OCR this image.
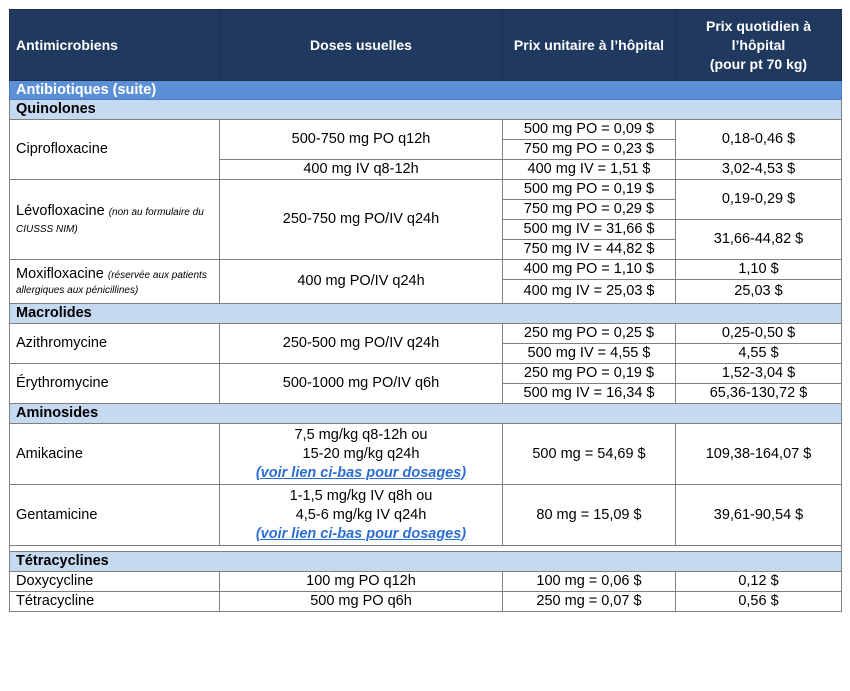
Antimicrobiens	Doses usuelles	Prix unitaire à l’hôpital	Prix quotidien à
l’hôpital
(pour pt 70 kg)

Antibiotiques (suite)			
Quinolones			
Ciprofloxacine	500-750 mg PO q12h	500 mg PO = 0,09 $	0,18-0,46 $
		750 mg PO = 0,23 $	
	400 mg IV q8-12h	400 mg IV = 1,51 $	3,02-4,53 $
Lévofloxacine (non au formulaire du CIUSSS NIM)	250-750 mg PO/IV q24h	500 mg PO = 0,19 $	0,19-0,29 $
		750 mg PO = 0,29 $	
		500 mg IV = 31,66 $	31,66-44,82 $
		750 mg IV = 44,82 $	
Moxifloxacine (réservée aux patients allergiques aux pénicillines)	400 mg PO/IV q24h	400 mg PO = 1,10 $	1,10 $
		400 mg IV = 25,03 $	25,03 $
Macrolides			
Azithromycine	250-500 mg PO/IV q24h	250 mg PO = 0,25 $	0,25-0,50 $
		500 mg IV = 4,55 $	4,55 $
Érythromycine	500-1000 mg PO/IV q6h	250 mg PO = 0,19 $	1,52-3,04 $
		500 mg IV = 16,34 $	65,36-130,72 $
Aminosides			
Amikacine	7,5 mg/kg q8-12h ou
15-20 mg/kg q24h
(voir lien ci-bas pour dosages)	500 mg = 54,69 $	109,38-164,07 $
Gentamicine	1-1,5 mg/kg IV q8h ou
4,5-6 mg/kg IV q24h
(voir lien ci-bas pour dosages)	80 mg = 15,09 $	39,61-90,54 $

Tétracyclines			
Doxycycline	100 mg PO q12h	100 mg = 0,06 $	0,12 $
Tétracycline	500 mg PO q6h	250 mg = 0,07 $	0,56 $
